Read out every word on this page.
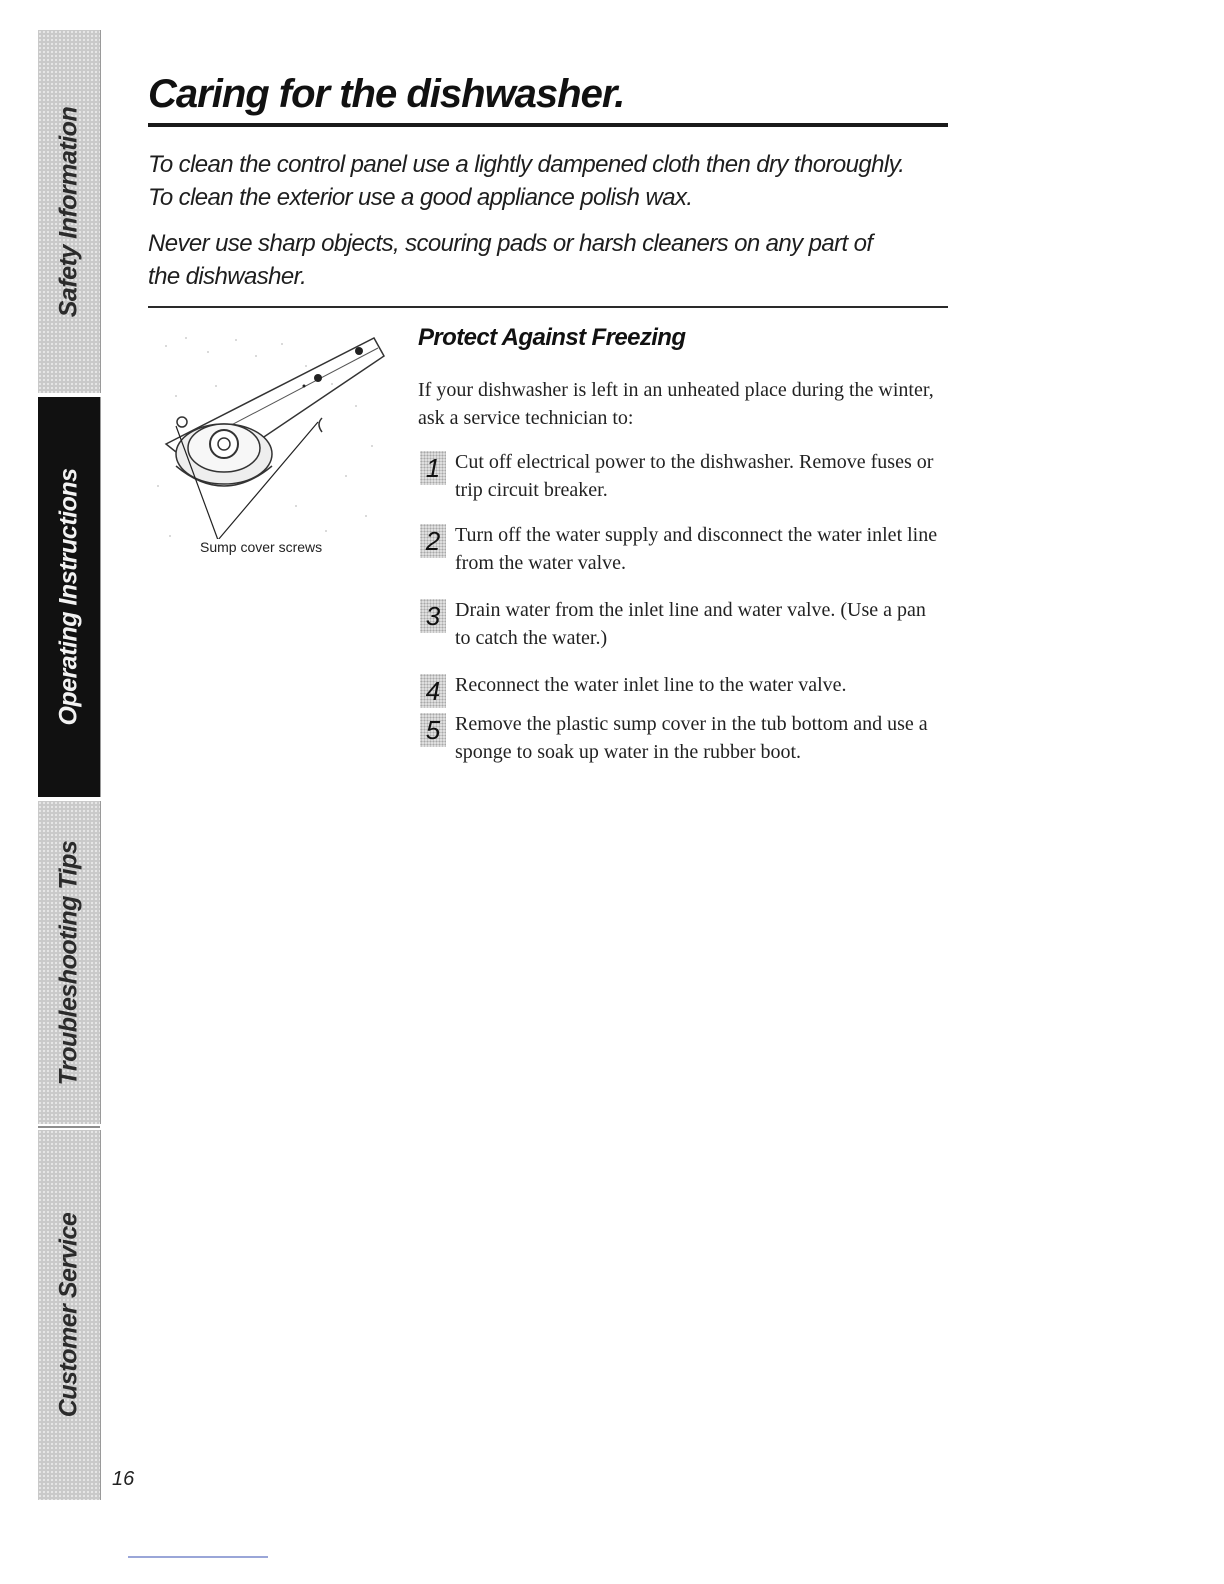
Safety Information
Operating Instructions
Troubleshooting Tips
Customer Service
16
Caring for the dishwasher.

To clean the control panel use a lightly dampened cloth then dry thoroughly. To clean the exterior use a good appliance polish wax.

Never use sharp objects, scouring pads or harsh cleaners on any part of the dishwasher.

Sump cover screws
Protect Against Freezing

If your dishwasher is left in an unheated place during the winter, ask a service technician to:

1 Cut off electrical power to the dishwasher. Remove fuses or trip circuit breaker.
2 Turn off the water supply and disconnect the water inlet line from the water valve.
3 Drain water from the inlet line and water valve. (Use a pan to catch the water.)
4 Reconnect the water inlet line to the water valve.
5 Remove the plastic sump cover in the tub bottom and use a sponge to soak up water in the rubber boot.
